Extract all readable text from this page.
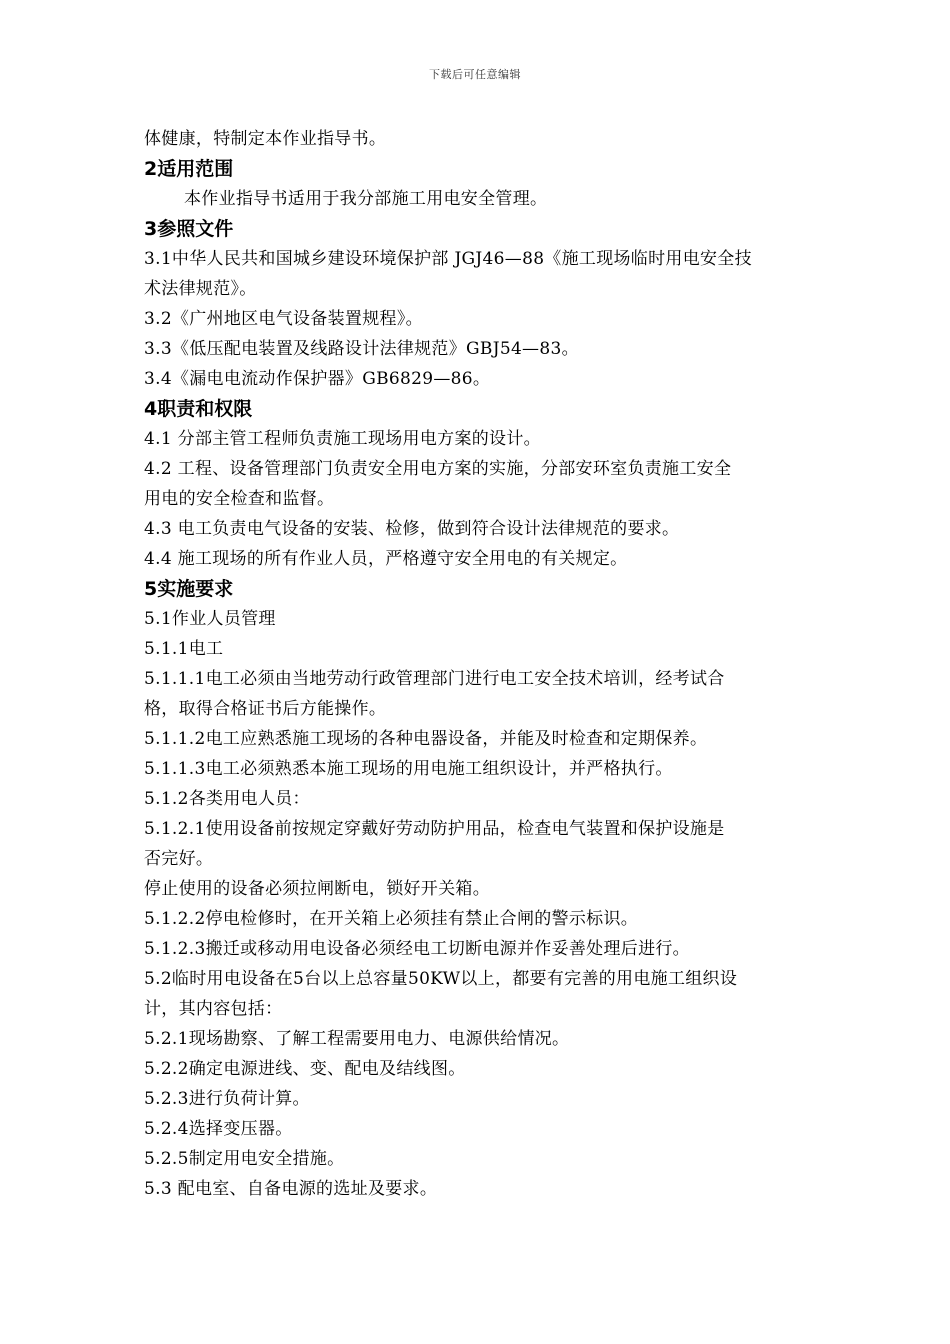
下载后可任意编辑
体健康，特制定本作业指导书。
2适用范围
本作业指导书适用于我分部施工用电安全管理。
3参照文件
3.1中华人民共和国城乡建设环境保护部 JGJ46—88《施工现场临时用电安全技
术法律规范》。
3.2《广州地区电气设备装置规程》。
3.3《低压配电装置及线路设计法律规范》GBJ54—83。
3.4《漏电电流动作保护器》GB6829—86。
4职责和权限
4.1 分部主管工程师负责施工现场用电方案的设计。
4.2 工程、设备管理部门负责安全用电方案的实施，分部安环室负责施工安全
用电的安全检查和监督。
4.3 电工负责电气设备的安装、检修，做到符合设计法律规范的要求。
4.4 施工现场的所有作业人员，严格遵守安全用电的有关规定。
5实施要求
5.1作业人员管理
5.1.1电工
5.1.1.1电工必须由当地劳动行政管理部门进行电工安全技术培训，经考试合
格，取得合格证书后方能操作。
5.1.1.2电工应熟悉施工现场的各种电器设备，并能及时检查和定期保养。
5.1.1.3电工必须熟悉本施工现场的用电施工组织设计，并严格执行。
5.1.2各类用电人员：
5.1.2.1使用设备前按规定穿戴好劳动防护用品，检查电气装置和保护设施是
否完好。
停止使用的设备必须拉闸断电，锁好开关箱。
5.1.2.2停电检修时，在开关箱上必须挂有禁止合闸的警示标识。
5.1.2.3搬迁或移动用电设备必须经电工切断电源并作妥善处理后进行。
5.2临时用电设备在5台以上总容量50KW以上，都要有完善的用电施工组织设
计，其内容包括：
5.2.1现场勘察、了解工程需要用电力、电源供给情况。
5.2.2确定电源进线、变、配电及结线图。
5.2.3进行负荷计算。
5.2.4选择变压器。
5.2.5制定用电安全措施。
5.3 配电室、自备电源的选址及要求。
